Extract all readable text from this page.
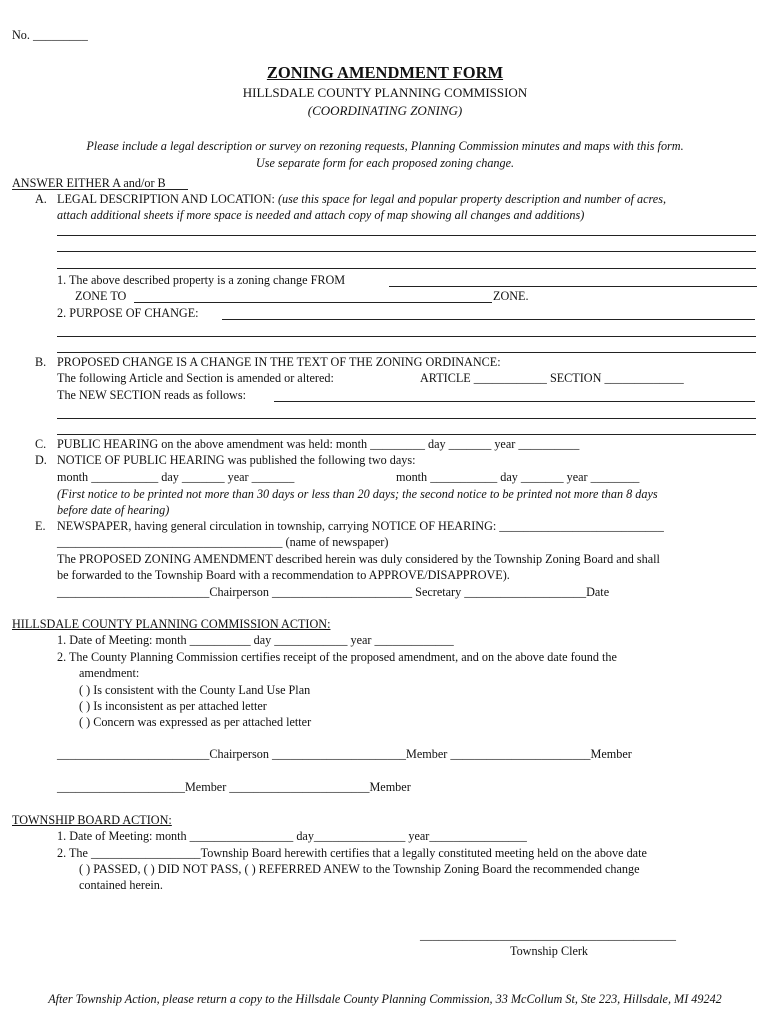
No. _________
ZONING AMENDMENT FORM
HILLSDALE COUNTY PLANNING COMMISSION
(COORDINATING ZONING)
Please include a legal description or survey on rezoning requests, Planning Commission minutes and maps with this form.
Use separate form for each proposed zoning change.
ANSWER EITHER A and/or B
A. LEGAL DESCRIPTION AND LOCATION: (use this space for legal and popular property description and number of acres,
attach additional sheets if more space is needed and attach copy of map showing all changes and additions)
1. The above described property is a zoning change FROM
ZONE TO	ZONE.
2. PURPOSE OF CHANGE:
B. PROPOSED CHANGE IS A CHANGE IN THE TEXT OF THE ZONING ORDINANCE:
The following Article and Section is amended or altered:	ARTICLE ____________ SECTION _____________
The NEW SECTION reads as follows:
C. PUBLIC HEARING on the above amendment was held: month _________ day _______ year __________
D. NOTICE OF PUBLIC HEARING was published the following two days:
month ___________ day _______ year _______	month ___________ day _______ year ________
(First notice to be printed not more than 30 days or less than 20 days; the second notice to be printed not more than 8 days
before date of hearing)
E. NEWSPAPER, having general circulation in township, carrying NOTICE OF HEARING: ___________________________
_____________________________________ (name of newspaper)
The PROPOSED ZONING AMENDMENT described herein was duly considered by the Township Zoning Board and shall
be forwarded to the Township Board with a recommendation to APPROVE/DISAPPROVE).
_________________________Chairperson _______________________ Secretary ____________________Date
HILLSDALE COUNTY PLANNING COMMISSION ACTION:
1. Date of Meeting: month __________ day ____________ year _____________
2. The County Planning Commission certifies receipt of the proposed amendment, and on the above date found the
amendment:
( ) Is consistent with the County Land Use Plan
( ) Is inconsistent as per attached letter
( ) Concern was expressed as per attached letter
_________________________Chairperson ______________________Member _______________________Member
_____________________Member _______________________Member
TOWNSHIP BOARD ACTION:
1. Date of Meeting: month _________________ day_______________ year________________
2. The __________________Township Board herewith certifies that a legally constituted meeting held on the above date
( ) PASSED, ( ) DID NOT PASS, ( ) REFERRED ANEW to the Township Zoning Board the recommended change
contained herein.
__________________________________________
Township Clerk
After Township Action, please return a copy to the Hillsdale County Planning Commission, 33 McCollum St, Ste 223, Hillsdale, MI 49242
